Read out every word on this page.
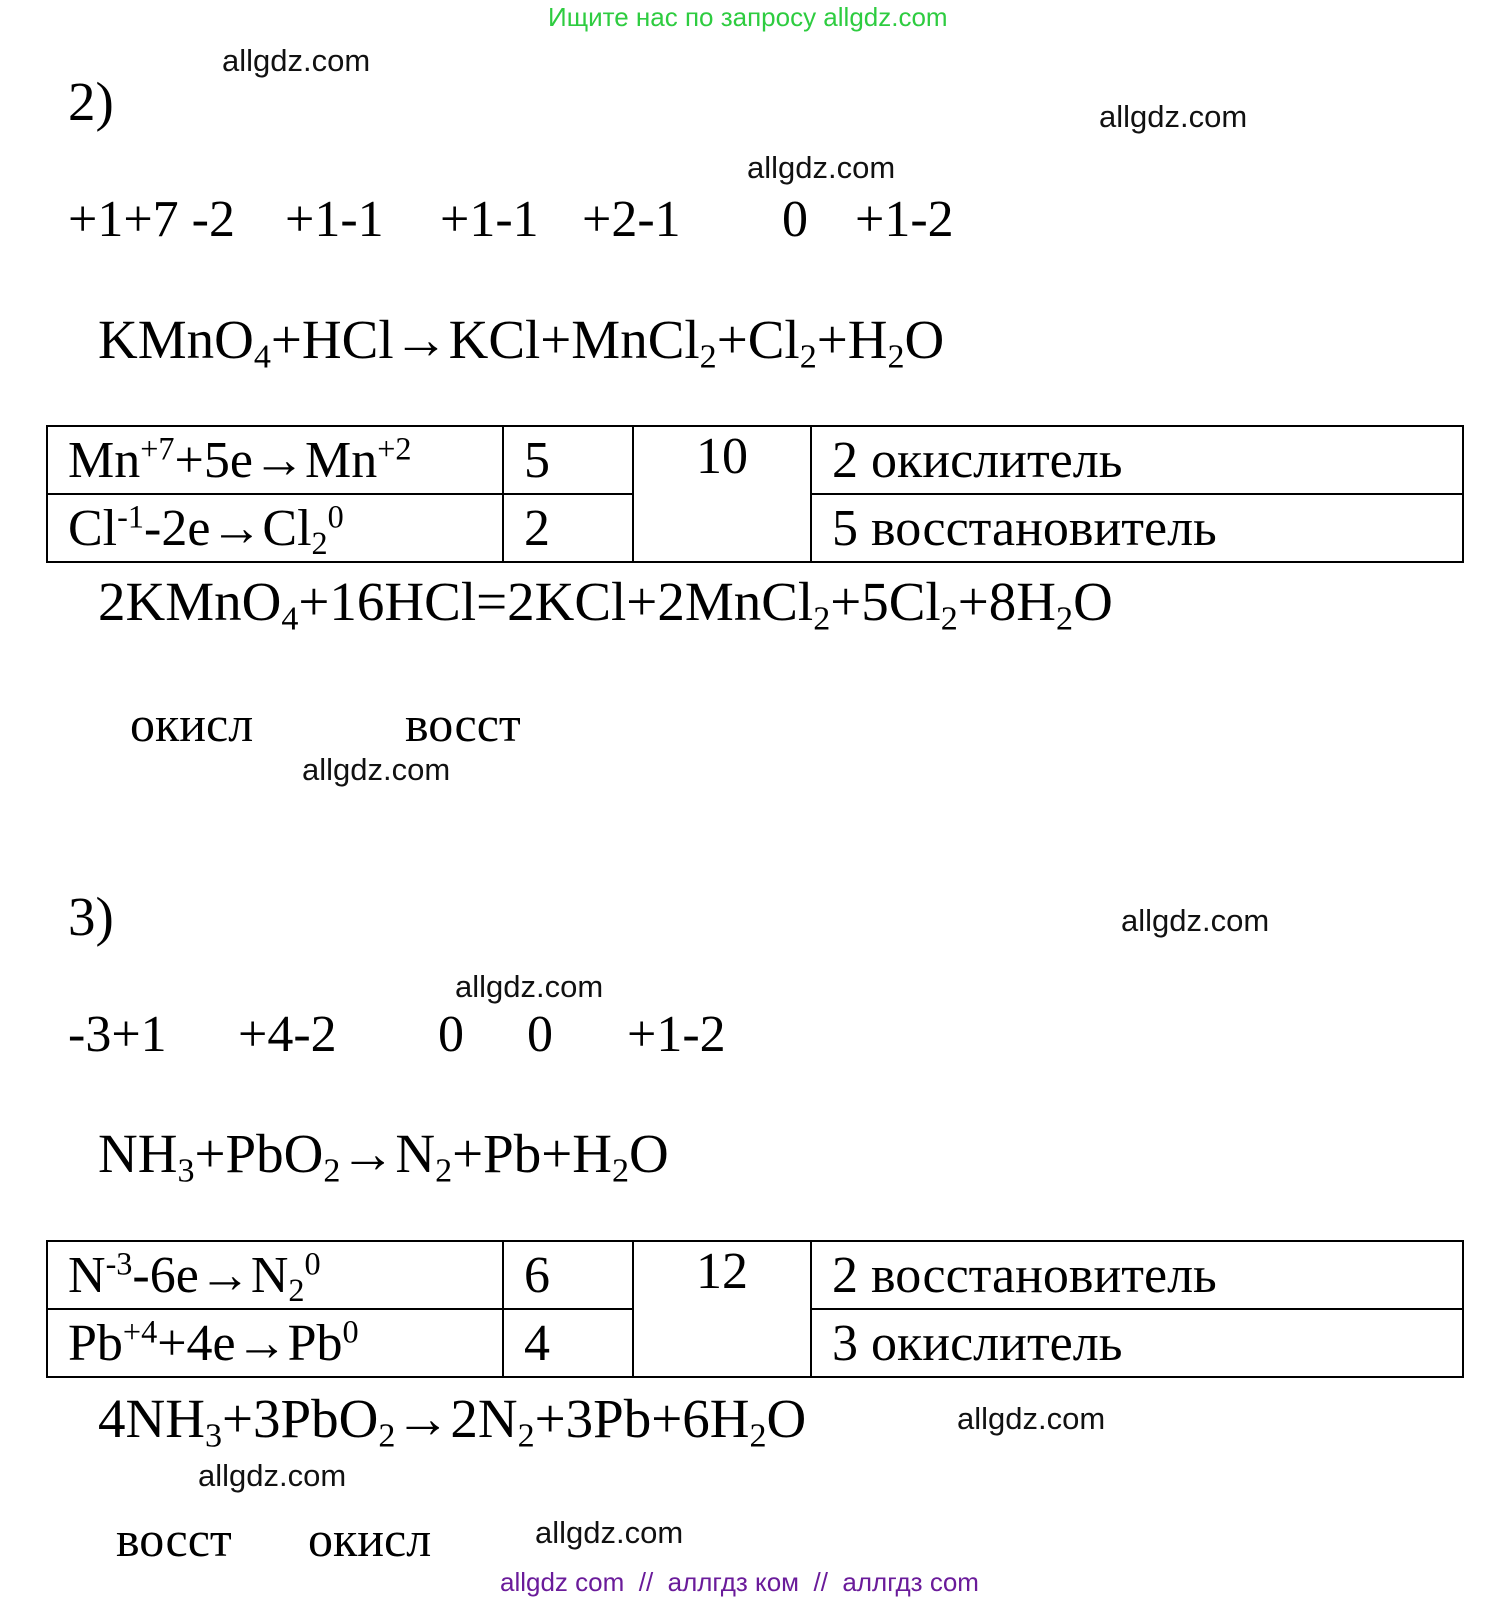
Ищите нас по запросу allgdz.com
allgdz.com
allgdz.com
allgdz.com
allgdz.com
allgdz.com
allgdz.com
allgdz.com
allgdz.com
allgdz.com
2)
+1+7 -2 +1-1 +1-1 +2-1 0 +1-2
$KMnO_4+HCl\to KCl+MnCl_2+Cl_2+H_2O$
$Mn^{+7}+5e\to Mn^{+2}$	5	10	2 окислитель
$Cl^{-1}-2e\to Cl_2^0$	2		5 восстановитель
$2KMnO_4+16HCl=2KCl+2MnCl_2+5Cl_2+8H_2O$
окисл	восст
3)
-3+1 +4-2 0 0 +1-2
$NH_3+PbO_2\to N_2+Pb+H_2O$
$N^{-3}-6e\to N_2^0$	6	12	2 восстановитель
$Pb^{+4}+4e\to Pb^0$	4		3 окислитель
$4NH_3+3PbO_2\to 2N_2+3Pb+6H_2O$
восст окисл
allgdz com  //  аллгдз ком  //  аллгдз com
